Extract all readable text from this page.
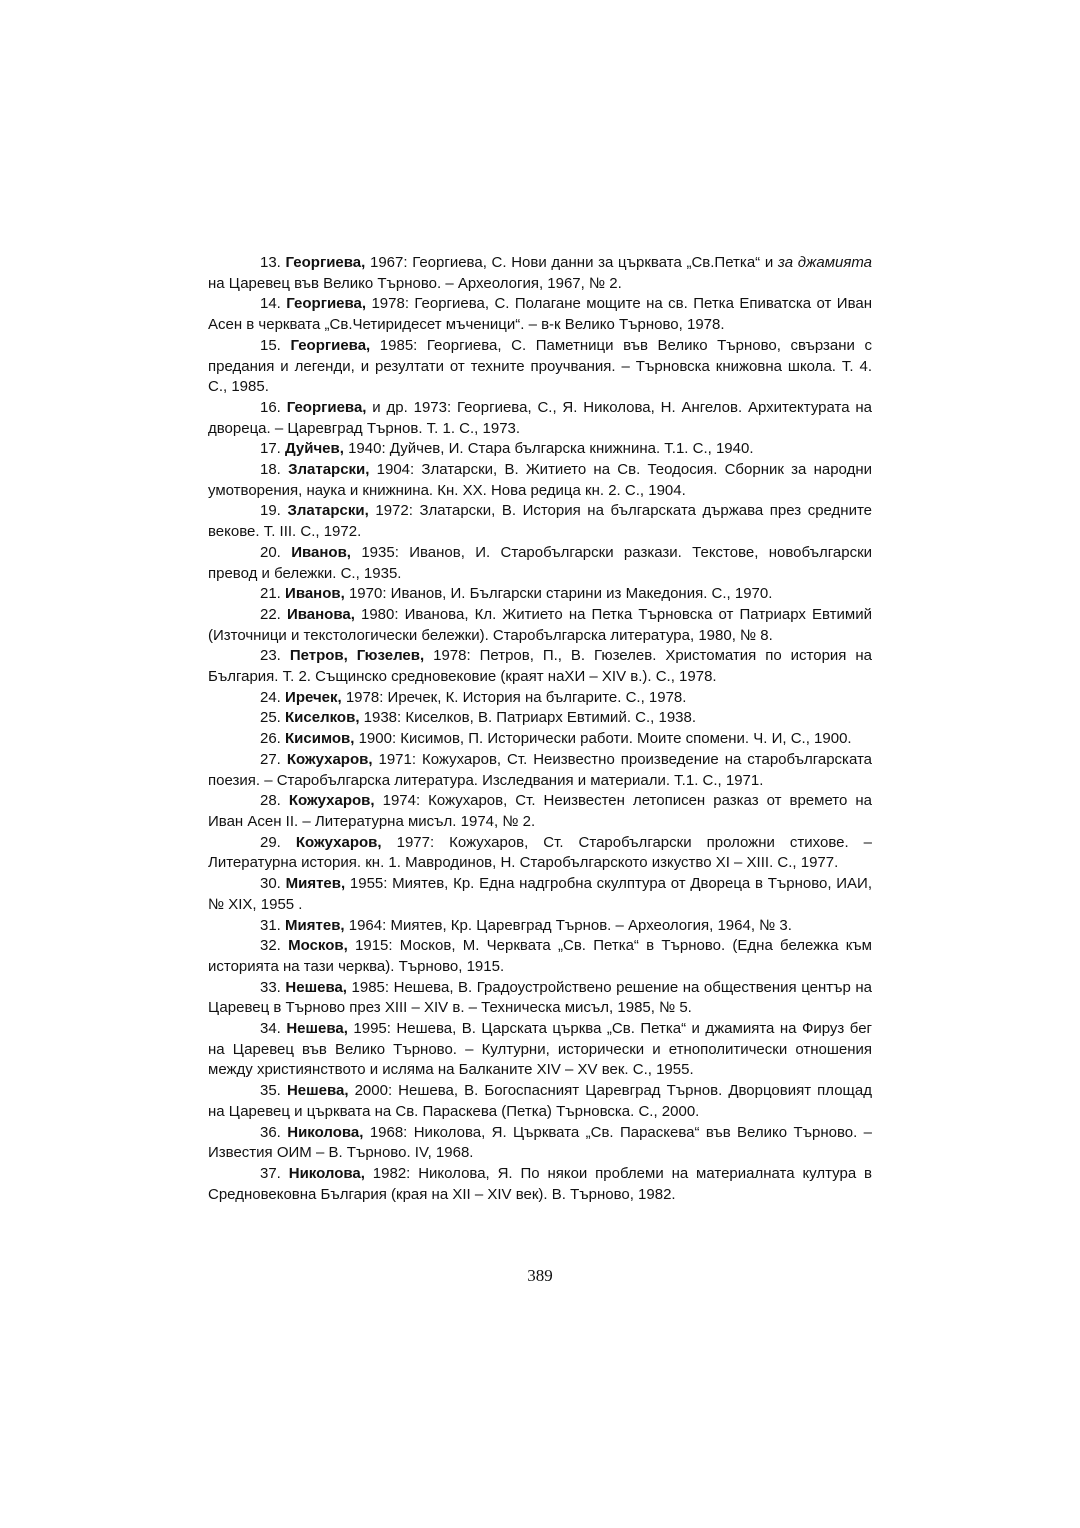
13. Георгиева, 1967: Георгиева, С. Нови данни за църквата „Св.Петка“ и за джамията на Царевец във Велико Търново. – Археология, 1967, № 2.

14. Георгиева, 1978: Георгиева, С. Полагане мощите на св. Петка Епиватска от Иван Асен в черквата „Св.Четиридесет мъченици“. – в-к Велико Търново, 1978.

15. Георгиева, 1985: Георгиева, С. Паметници във Велико Търново, свързани с предания и легенди, и резултати от техните проучвания. – Търновска книжовна школа. Т. 4. С., 1985.

16. Георгиева, и др. 1973: Георгиева, С., Я. Николова, Н. Ангелов. Архитектурата на двореца. – Царевград Търнов. Т. 1. С., 1973.

17. Дуйчев, 1940: Дуйчев, И. Стара българска книжнина. Т.1. С., 1940.

18. Златарски, 1904: Златарски, В. Житието на Св. Теодосия. Сборник за народни умотворения, наука и книжнина. Кн. ХХ. Нова редица кн. 2. С., 1904.

19. Златарски, 1972: Златарски, В. История на българската държава през средните векове. Т. ІІІ. С., 1972.

20. Иванов, 1935: Иванов, И. Старобългарски разкази. Текстове, новобългарски превод и бележки. С., 1935.

21. Иванов, 1970: Иванов, И. Български старини из Македония. С., 1970.

22. Иванова, 1980: Иванова, Кл. Житието на Петка Търновска от Патриарх Евтимий (Източници и текстологически бележки). Старобългарска литература, 1980, № 8.

23. Петров, Гюзелев, 1978: Петров, П., В. Гюзелев. Христоматия по история на България. Т. 2. Същинско средновековие (краят наХИ – ХІV в.). С., 1978.

24. Иречек, 1978: Иречек, К. История на българите. С., 1978.

25. Киселков, 1938: Киселков, В. Патриарх Евтимий. С., 1938.

26. Кисимов, 1900: Кисимов, П. Исторически работи. Моите спомени. Ч. И, С., 1900.

27. Кожухаров, 1971: Кожухаров, Ст. Неизвестно произведение на старобългарската поезия. – Старобългарска литература. Изследвания и материали. Т.1. С., 1971.

28. Кожухаров, 1974: Кожухаров, Ст. Неизвестен летописен разказ от времето на Иван Асен ІІ. – Литературна мисъл. 1974, № 2.

29. Кожухаров, 1977: Кожухаров, Ст. Старобългарски проложни стихове. – Литературна история. кн. 1. Мавродинов, Н. Старобългарското изкуство ХІ – ХІІІ. С., 1977.

30. Миятев, 1955: Миятев, Кр. Една надгробна скулптура от Двореца в Търново, ИАИ, № ХІХ, 1955 .

31. Миятев, 1964: Миятев, Кр. Царевград Търнов. – Археология, 1964, № 3.

32. Москов, 1915: Москов, М. Черквата „Св. Петка“ в Търново. (Една бележка към историята на тази черква). Търново, 1915.

33. Нешева, 1985: Нешева, В. Градоустройствено решение на обществения център на Царевец в Търново през ХІІІ – ХІV в. – Техническа мисъл, 1985, № 5.

34. Нешева, 1995: Нешева, В. Царската църква „Св. Петка“ и джамията на Фируз бег на Царевец във Велико Търново. – Културни, исторически и етнополитически отношения между християнството и исляма на Балканите ХІV – ХV век. С., 1955.

35. Нешева, 2000: Нешева, В. Богоспасният Царевград Търнов. Дворцовият площад на Царевец и църквата на Св. Параскева (Петка) Търновска. С., 2000.

36. Николова, 1968: Николова, Я. Църквата „Св. Параскева“ във Велико Търново. – Известия ОИМ – В. Търново. ІV, 1968.

37. Николова, 1982: Николова, Я. По някои проблеми на материалната култура в Средновековна България (края на ХІІ – ХІV век). В. Търново, 1982.

389
